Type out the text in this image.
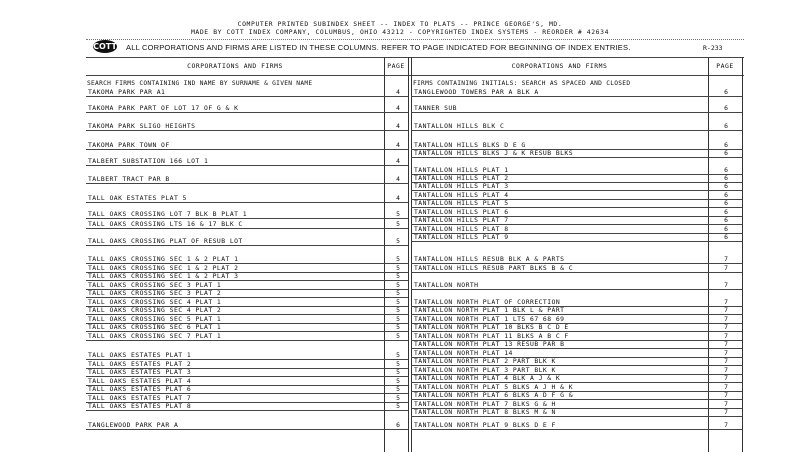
COMPUTER PRINTED SUBINDEX SHEET -- INDEX TO PLATS -- PRINCE GEORGE'S, MD.
MADE BY COTT INDEX COMPANY, COLUMBUS, OHIO 43212 - COPYRIGHTED INDEX SYSTEMS - REORDER # 42634
COTT ALL CORPORATIONS AND FIRMS ARE LISTED IN THESE COLUMNS. REFER TO PAGE INDICATED FOR BEGINNING OF INDEX ENTRIES.	R-233
CORPORATIONS AND FIRMS	PAGE	CORPORATIONS AND FIRMS	PAGE
SEARCH FIRMS CONTAINING IND NAME BY SURNAME & GIVEN NAME	FIRMS CONTAINING INITIALS: SEARCH AS SPACED AND CLOSED
TAKOMA PARK PAR A1	4
TAKOMA PARK PART OF LOT 17 OF G & K	4
TAKOMA PARK SLIGO HEIGHTS	4
TAKOMA PARK TOWN OF	4
TALBERT SUBSTATION 166 LOT 1	4
TALBERT TRACT PAR B	4
TALL OAK ESTATES PLAT 5	4
TALL OAKS CROSSING LOT 7 BLK B PLAT 1	5
TALL OAKS CROSSING LTS 16 & 17 BLK C	5
TALL OAKS CROSSING PLAT OF RESUB LOT	5
TALL OAKS CROSSING SEC 1 & 2 PLAT 1	5
TALL OAKS CROSSING SEC 1 & 2 PLAT 2	5
TALL OAKS CROSSING SEC 1 & 2 PLAT 3	5
TALL OAKS CROSSING SEC 3 PLAT 1	5
TALL OAKS CROSSING SEC 3 PLAT 2	5
TALL OAKS CROSSING SEC 4 PLAT 1	5
TALL OAKS CROSSING SEC 4 PLAT 2	5
TALL OAKS CROSSING SEC 5 PLAT 1	5
TALL OAKS CROSSING SEC 6 PLAT 1	5
TALL OAKS CROSSING SEC 7 PLAT 1	5
TALL OAKS ESTATES PLAT 1	5
TALL OAKS ESTATES PLAT 2	5
TALL OAKS ESTATES PLAT 3	5
TALL OAKS ESTATES PLAT 4	5
TALL OAKS ESTATES PLAT 6	5
TALL OAKS ESTATES PLAT 7	5
TALL OAKS ESTATES PLAT 8	5
TANGLEWOOD PARK PAR A	6
TANGLEWOOD TOWERS PAR A BLK A	6
TANNER SUB	6
TANTALLON HILLS BLK C	6
TANTALLON HILLS BLKS D E G	6
TANTALLON HILLS BLKS J & K RESUB BLKS	6
TANTALLON HILLS PLAT 1	6
TANTALLON HILLS PLAT 2	6
TANTALLON HILLS PLAT 3	6
TANTALLON HILLS PLAT 4	6
TANTALLON HILLS PLAT 5	6
TANTALLON HILLS PLAT 6	6
TANTALLON HILLS PLAT 7	6
TANTALLON HILLS PLAT 8	6
TANTALLON HILLS PLAT 9	6
TANTALLON HILLS RESUB BLK A & PARTS	7
TANTALLON HILLS RESUB PART BLKS B & C	7
TANTALLON NORTH	7
TANTALLON NORTH PLAT OF CORRECTION	7
TANTALLON NORTH PLAT 1 BLK L & PART	7
TANTALLON NORTH PLAT 1 LTS 67 68 69	7
TANTALLON NORTH PLAT 10 BLKS B C D E	7
TANTALLON NORTH PLAT 11 BLKS A B C F	7
TANTALLON NORTH PLAT 13 RESUB PAR B	7
TANTALLON NORTH PLAT 14	7
TANTALLON NORTH PLAT 2 PART BLK K	7
TANTALLON NORTH PLAT 3 PART BLK K	7
TANTALLON NORTH PLAT 4 BLK A J & K	7
TANTALLON NORTH PLAT 5 BLKS A J H & K	7
TANTALLON NORTH PLAT 6 BLKS A D F G &	7
TANTALLON NORTH PLAT 7 BLKS G & H	7
TANTALLON NORTH PLAT 8 BLKS M & N	7
TANTALLON NORTH PLAT 9 BLKS D E F	7
